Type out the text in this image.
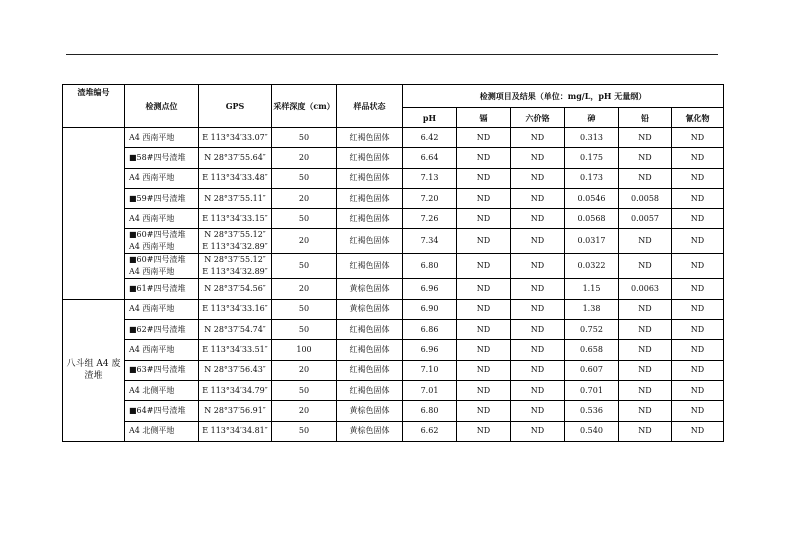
渣堆编号	检测点位	GPS	采样深度（cm）	样品状态	检测项目及结果（单位：mg/L，pH 无量纲）					
					pH	镉	六价铬	砷	铅	氰化物

	A4 西南平地	E 113°34′33.07″	50	红褐色固体	6.42	ND	ND	0.313	ND	ND

	■58#四号渣堆	N 28°37′55.64″	20	红褐色固体	6.64	ND	ND	0.175	ND	ND

	A4 西南平地	E 113°34′33.48″	50	红褐色固体	7.13	ND	ND	0.173	ND	ND

	■59#四号渣堆	N 28°37′55.11″	20	红褐色固体	7.20	ND	ND	0.0546	0.0058	ND

	A4 西南平地	E 113°34′33.15″	50	红褐色固体	7.26	ND	ND	0.0568	0.0057	ND

	■60#四号渣堆
A4 西南平地	N 28°37′55.12″
E 113°34′32.89″	20	红褐色固体	7.34	ND	ND	0.0317	ND	ND

	■60#四号渣堆
A4 西南平地	N 28°37′55.12″
E 113°34′32.89″	50	红褐色固体	6.80	ND	ND	0.0322	ND	ND

	■61#四号渣堆	N 28°37′54.56″	20	黄棕色固体	6.96	ND	ND	1.15	0.0063	ND
八斗组 A4 废渣堆	A4 西南平地	E 113°34′33.16″	50	黄棕色固体	6.90	ND	ND	1.38	ND	ND

	■62#四号渣堆	N 28°37′54.74″	50	红褐色固体	6.86	ND	ND	0.752	ND	ND

	A4 西南平地	E 113°34′33.51″	100	红褐色固体	6.96	ND	ND	0.658	ND	ND

	■63#四号渣堆	N 28°37′56.43″	20	红褐色固体	7.10	ND	ND	0.607	ND	ND

	A4 北侧平地	E 113°34′34.79″	50	红褐色固体	7.01	ND	ND	0.701	ND	ND

	■64#四号渣堆	N 28°37′56.91″	20	黄棕色固体	6.80	ND	ND	0.536	ND	ND

	A4 北侧平地	E 113°34′34.81″	50	黄棕色固体	6.62	ND	ND	0.540	ND	ND
